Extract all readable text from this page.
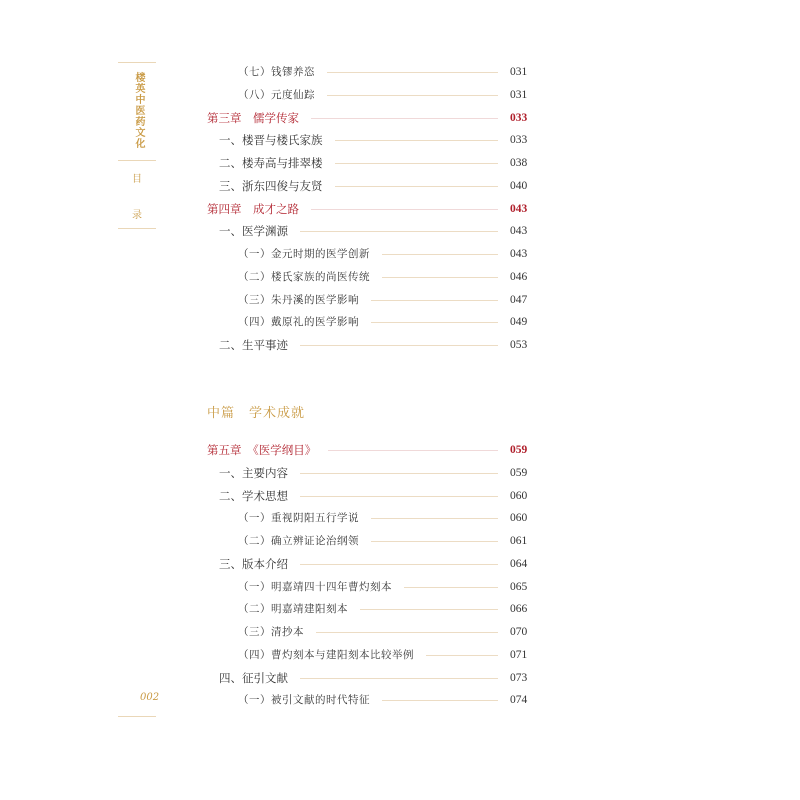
楼英中医药文化
目
录
002
（七）钱镠养恣	031
（八）元度仙踪	031
第三章　儒学传家	033
一、楼晋与楼氏家族	033
二、楼寿高与排翠楼	038
三、浙东四俊与友贤	040
第四章　成才之路	043
一、医学渊源	043
（一）金元时期的医学创新	043
（二）楼氏家族的尚医传统	046
（三）朱丹溪的医学影响	047
（四）戴原礼的医学影响	049
二、生平事迹	053
第五章　《医学纲目》	059
一、主要内容	059
二、学术思想	060
（一）重视阴阳五行学说	060
（二）确立辨证论治纲领	061
三、版本介绍	064
（一）明嘉靖四十四年曹灼刻本	065
（二）明嘉靖建阳刻本	066
（三）清抄本	070
（四）曹灼刻本与建阳刻本比较举例	071
四、征引文献	073
（一）被引文献的时代特征	074
中篇 学术成就
